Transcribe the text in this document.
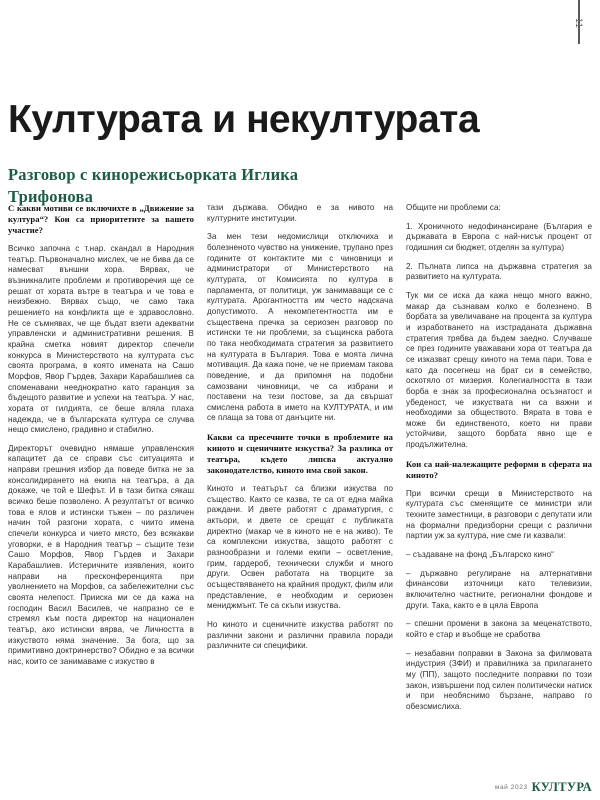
11
Културата и некултурата
Разговор с кинорежисьорката Иглика Трифонова

С какви мотиви се включихте в „Движение за култура“? Кои са приоритетите за вашето участие?

Всичко започна с т.нар. скандал в Народния театър. Първоначално мислех, че не бива да се намесват външни хора. Вярвах, че възникналите проблеми и противоречия ще се решат от хората вътре в театъра и че това е неизбежно. Вярвах също, че само така решението на конфликта ще е здравословно. Не се съмнявах, че ще бъдат взети адекватни управленски и административни решения. В крайна сметка новият директор спечели конкурса в Министерството на културата със своята програма, в която имената на Сашо Морфов, Явор Гърдев, Захари Карабашлиев са споменавани нееднократно като гаранция за бъдещото развитие и успехи на театъра. У нас, хората от гилдията, се беше вляла плаха надежда, че в българската култура се случва нещо смислено, градивно и стабилно.

Директорът очевидно нямаше управленския капацитет да се справи със ситуацията и направи грешния избор да поведе битка не за консолидирането на екипа на театъра, а да докаже, че той е Шефът. И в тази битка сякаш всичко беше позволено. А резултатът от всичко това е ялов и истински тъжен – по различен начин той разгони хората, с чиито имена спечели конкурса и чието място, без всякакви уговорки, е в Народния театър – същите тези Сашо Морфов, Явор Гърдев и Захари Карабашлиев. Истеричните изявления, които направи на пресконференцията при уволнението на Морфов, са забележителни със своята нелепост. Прииска ми се да кажа на господин Васил Василев, че напразно се е стремял към поста директор на национален театър, ако истински вярва, че Личността в изкуството няма значение. За бога, що за примитивно доктринерство? Обидно е за всички нас, които се занимаваме с изкуство в

тази държава. Обидно е за нивото на културните институции.

За мен тези недомислици отключиха и болезненото чувство на унижение, трупано през годините от контактите ми с чиновници и администратори от Министерството на културата, от Комисията по култура в парламента, от политици, уж занимаващи се с културата. Арогантността им често надскача допустимото. А некомпетентността им е съществена пречка за сериозен разговор по истински те ни проблеми, за същинска работа по така необходимата стратегия за развитието на културата в България. Това е моята лична мотивация. Да кажа поне, че не приемам такова поведение, и да припомня на подобни самозвани чиновници, че са избрани и поставени на тези постове, за да свършат смислена работа в името на КУЛТУРАТА, и им се плаща за това от данъците ни.

Какви са пресечните точки в проблемите на киното и сценичните изкуства? За разлика от театъра, където липсва актуално законодателство, киното има свой закон.

Киното и театърът са близки изкуства по същество. Както се казва, те са от една майка раждани. И двете работят с драматургия, с актьори, и двете се срещат с публиката директно (макар че в киното не е на живо). Те са комплексни изкуства, защото работят с разнообразни и големи екипи – осветление, грим, гардероб, технически служби и много други. Освен работата на творците за осъществяването на крайния продукт, филм или представление, е необходим и сериозен мениджмънт. Те са скъпи изкуства.

Но киното и сценичните изкуства работят по различни закони и различни правила поради различните си специфики.

Общите ни проблеми са:

1. Хроничното недофинансиране (България е държавата в Европа с най-нисък процент от годишния си бюджет, отделян за култура)

2. Пълната липса на държавна стратегия за развитието на културата.

Тук ми се иска да кажа нещо много важно, макар да съзнавам колко е болезнено. В борбата за увеличаване на процента за култура и изработването на изстраданата държавна стратегия трябва да бъдем заедно. Случваше се през годините уважавани хора от театъра да се изказват срещу киното на тема пари. Това е като да посегнеш на брат си в семейство, оскотяло от мизерия. Колегиалността в тази борба е знак за професионална осъзнатост и убеденост, че изкуствата ни са важни и необходими за обществото. Вярата в това е може би единственото, което ни прави устойчиви, защото борбата явно ще е продължителна.

Кои са най-належащите реформи в сферата на киното?

При всички срещи в Министерството на културата със сменящите се министри или техните заместници, в разговори с депутати или на формални предизборни срещи с различни партии уж за култура, ние сме ги казвали:

– създаване на фонд „Българско кино“

– държавно регулиране на алтернативни финансови източници като телевизии, включително частните, регионални фондове и други. Така, както е в цяла Европа

– спешни промени в закона за меценатството, който е стар и въобще не сработва

– незабавни поправки в Закона за филмовата индустрия (ЗФИ) и правилника за прилагането му (ПП), защото последните поправки по този закон, извършени под силен политически натиск и при необяснимо бързане, направо го обезсмислиха.

май 2023 КУЛТУРА
